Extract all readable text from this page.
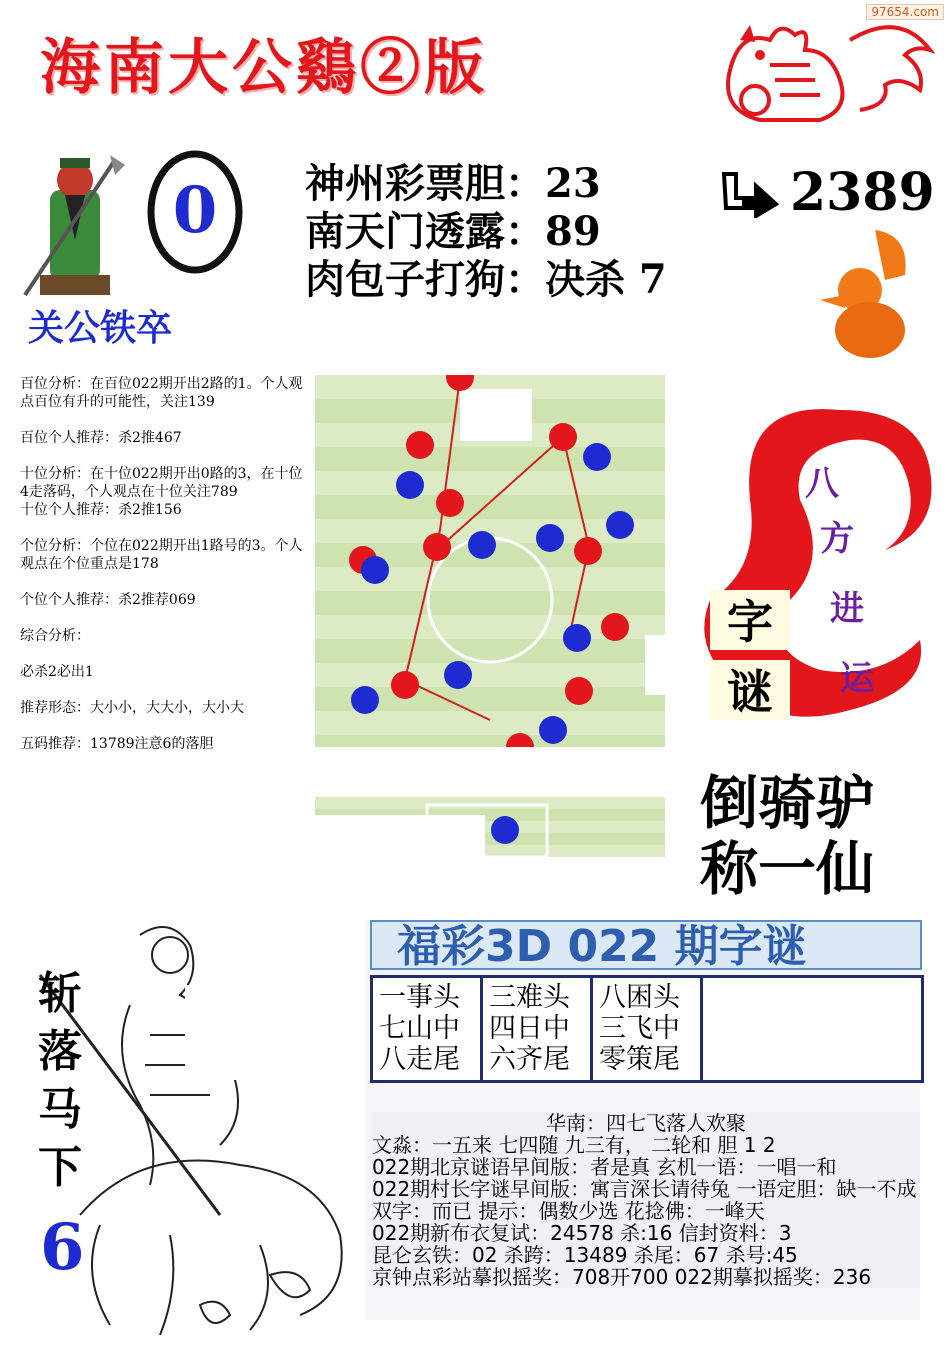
97654.com
海南大公鷄②版
0
关公铁卒
神州彩票胆：23
南天门透露：89
肉包子打狗：决杀 7
2389

百位分析：在百位022期开出2路的1。个人观点百位有升的可能性，关注139

百位个人推荐：杀2推467

十位分析：在十位022期开出0路的3，在十位4走落码，个人观点在十位关注789

十位个人推荐：杀2推156

个位分析：个位在022期开出1路号的3。个人观点在个位重点是178

个位个人推荐：杀2推荐069

综合分析：

必杀2必出1

推荐形态：大小小，大大小，大小大

五码推荐：13789注意6的落胆

字
谜
八
方
进
运
倒骑驴
称一仙
斩
落
马
下
6
福彩3D 022 期字谜
一事头
七山中
八走尾
三难头
四日中
六齐尾
八困头
三飞中
零策尾
华南：四七飞落人欢聚
文淼：一五来 七四随 九三有， 二轮和 胆 1 2
022期北京谜语早间版：者是真 玄机一语：一唱一和
022期村长字谜早间版：寓言深长请待兔 一语定胆：缺一不成
双字：而已 提示：偶数少选 花捻佛：一峰天
022期新布衣复试：24578 杀:16 信封资料：3
昆仑玄铁：02 杀跨：13489 杀尾：67 杀号:45
京钟点彩站摹拟摇奖：708开700 022期摹拟摇奖：236
